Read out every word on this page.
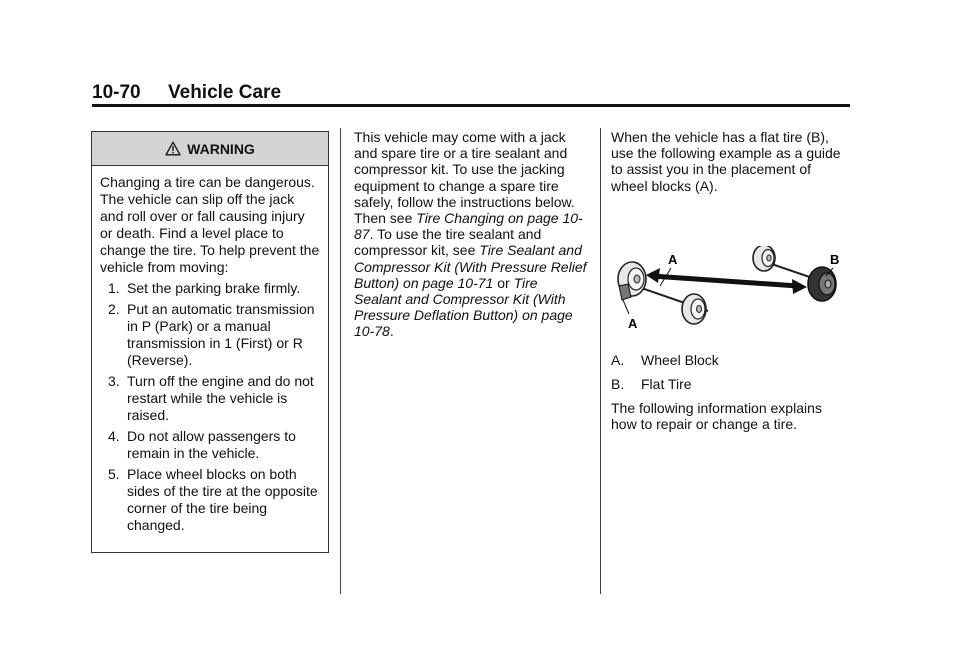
10-70 Vehicle Care
WARNING

Changing a tire can be dangerous. The vehicle can slip off the jack and roll over or fall causing injury or death. Find a level place to change the tire. To help prevent the vehicle from moving:

1. Set the parking brake firmly.
2. Put an automatic transmission in P (Park) or a manual transmission in 1 (First) or R (Reverse).
3. Turn off the engine and do not restart while the vehicle is raised.
4. Do not allow passengers to remain in the vehicle.
5. Place wheel blocks on both sides of the tire at the opposite corner of the tire being changed.

This vehicle may come with a jack and spare tire or a tire sealant and compressor kit. To use the jacking equipment to change a spare tire safely, follow the instructions below. Then see Tire Changing on page 10-87. To use the tire sealant and compressor kit, see Tire Sealant and Compressor Kit (With Pressure Relief Button) on page 10-71 or Tire Sealant and Compressor Kit (With Pressure Deflation Button) on page 10-78.

When the vehicle has a flat tire (B), use the following example as a guide to assist you in the placement of wheel blocks (A).

A
A
B
A. Wheel Block
B. Flat Tire

The following information explains how to repair or change a tire.
